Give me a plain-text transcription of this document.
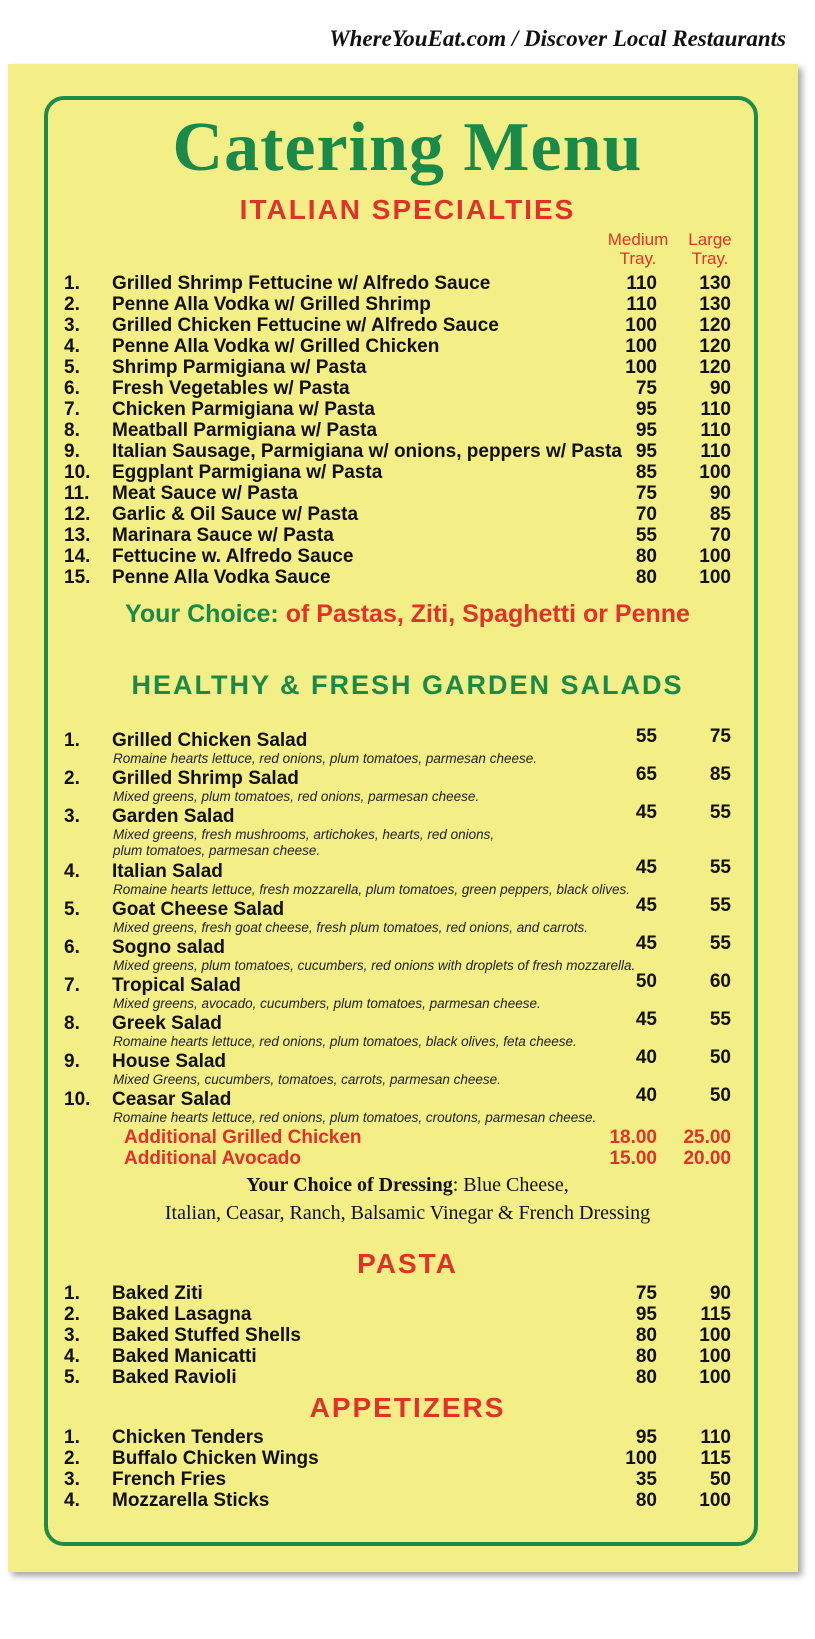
WhereYouEat.com / Discover Local Restaurants
Catering Menu
ITALIAN SPECIALTIES
Medium
Tray.
Large
Tray.
1. Grilled Shrimp Fettucine w/ Alfredo Sauce	110	130
2. Penne Alla Vodka w/ Grilled Shrimp	110	130
3. Grilled Chicken Fettucine w/ Alfredo Sauce	100	120
4. Penne Alla Vodka w/ Grilled Chicken	100	120
5. Shrimp Parmigiana w/ Pasta	100	120
6. Fresh Vegetables w/ Pasta	75	90
7. Chicken Parmigiana w/ Pasta	95	110
8. Meatball Parmigiana w/ Pasta	95	110
9. Italian Sausage, Parmigiana w/ onions, peppers w/ Pasta 95	110
10. Eggplant Parmigiana w/ Pasta	85	100
11. Meat Sauce w/ Pasta	75	90
12. Garlic & Oil Sauce w/ Pasta	70	85
13. Marinara Sauce w/ Pasta	55	70
14. Fettucine w. Alfredo Sauce	80	100
15. Penne Alla Vodka Sauce	80	100
Your Choice: of Pastas, Ziti, Spaghetti or Penne
HEALTHY & FRESH GARDEN SALADS
1. Grilled Chicken Salad	55	75
Romaine hearts lettuce, red onions, plum tomatoes, parmesan cheese.
2. Grilled Shrimp Salad	65	85
Mixed greens, plum tomatoes, red onions, parmesan cheese.
3. Garden Salad	45	55
Mixed greens, fresh mushrooms, artichokes, hearts, red onions, plum tomatoes, parmesan cheese.
4. Italian Salad	45	55
Romaine hearts lettuce, fresh mozzarella, plum tomatoes, green peppers, black olives.
5. Goat Cheese Salad	45	55
Mixed greens, fresh goat cheese, fresh plum tomatoes, red onions, and carrots.
6. Sogno salad	45	55
Mixed greens, plum tomatoes, cucumbers, red onions with droplets of fresh mozzarella.
7. Tropical Salad	50	60
Mixed greens, avocado, cucumbers, plum tomatoes, parmesan cheese.
8. Greek Salad	45	55
Romaine hearts lettuce, red onions, plum tomatoes, black olives, feta cheese.
9. House Salad	40	50
Mixed Greens, cucumbers, tomatoes, carrots, parmesan cheese.
10. Ceasar Salad	40	50
Romaine hearts lettuce, red onions, plum tomatoes, croutons, parmesan cheese.
Additional Grilled Chicken	18.00	25.00
Additional Avocado	15.00	20.00
Your Choice of Dressing: Blue Cheese,
Italian, Ceasar, Ranch, Balsamic Vinegar & French Dressing
PASTA
1. Baked Ziti	75	90
2. Baked Lasagna	95	115
3. Baked Stuffed Shells	80	100
4. Baked Manicatti	80	100
5. Baked Ravioli	80	100
APPETIZERS
1. Chicken Tenders	95	110
2. Buffalo Chicken Wings	100	115
3. French Fries	35	50
4. Mozzarella Sticks	80	100
